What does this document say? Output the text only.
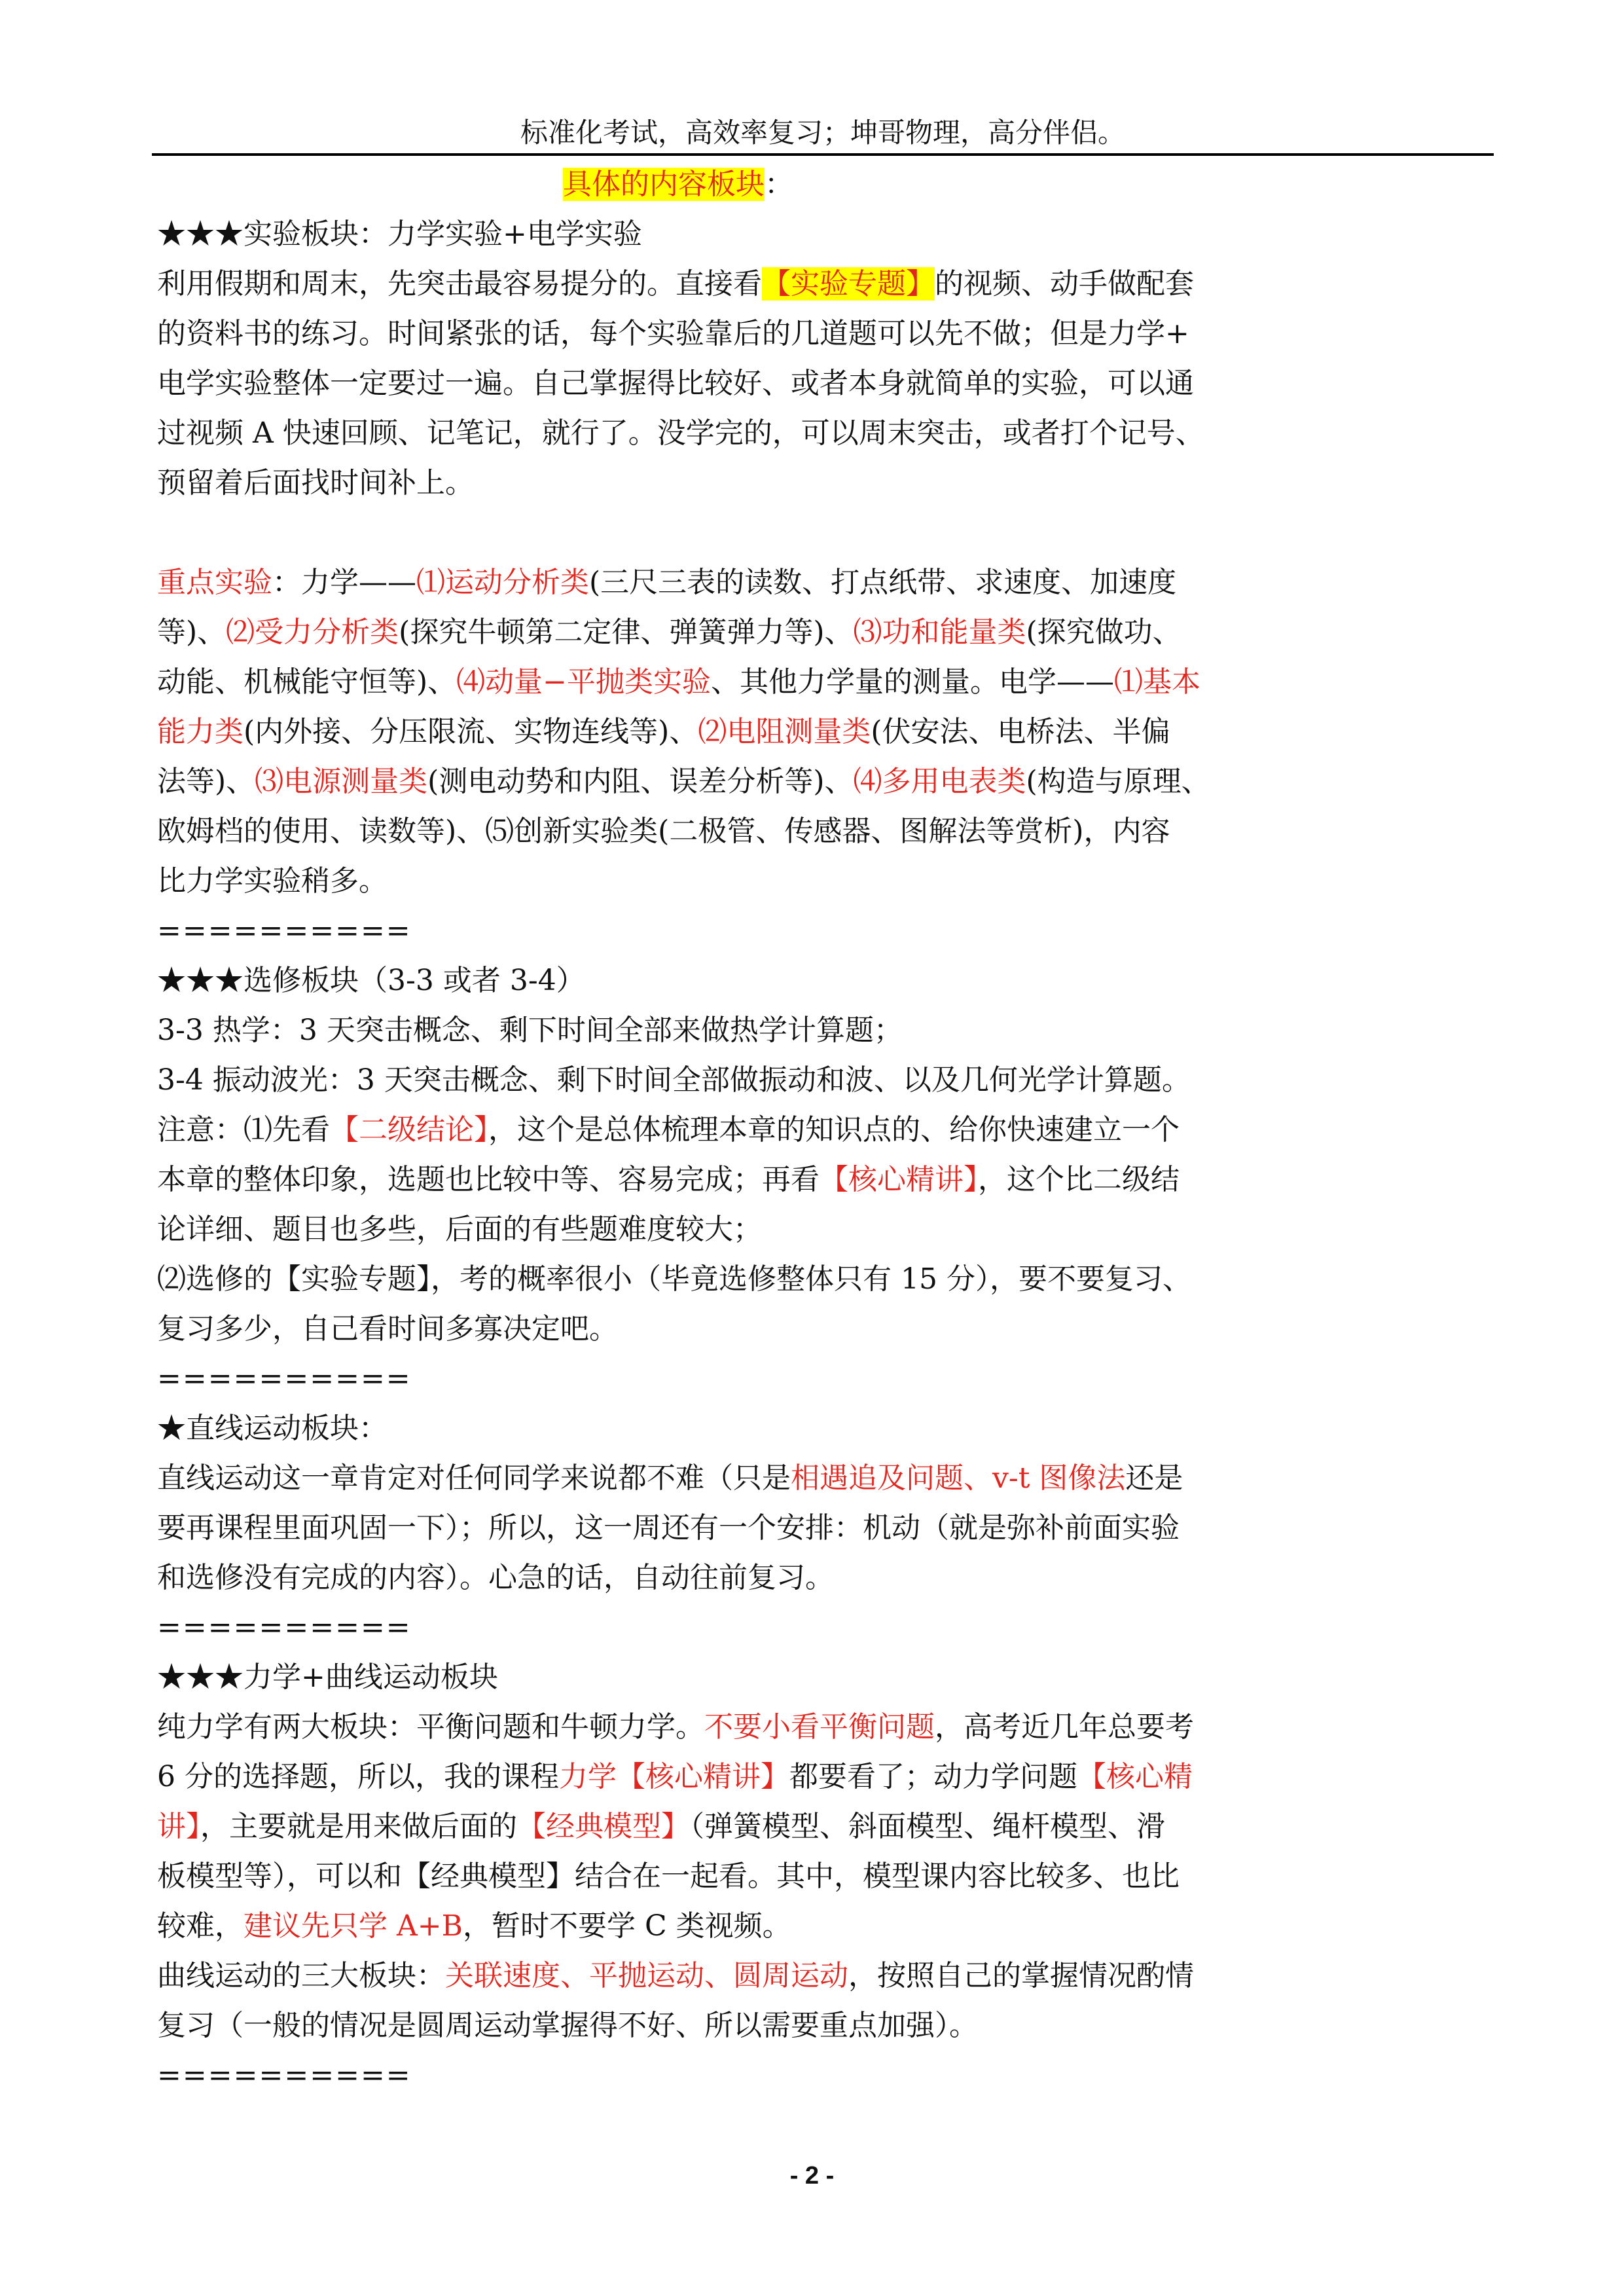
标准化考试，高效率复习；坤哥物理，高分伴侣。
具体的内容板块：
★★★实验板块：力学实验+电学实验
利用假期和周末，先突击最容易提分的。直接看【实验专题】的视频、动手做配套
的资料书的练习。时间紧张的话，每个实验靠后的几道题可以先不做；但是力学+
电学实验整体一定要过一遍。自己掌握得比较好、或者本身就简单的实验，可以通
过视频 A 快速回顾、记笔记，就行了。没学完的，可以周末突击，或者打个记号、
预留着后面找时间补上。
重点实验：力学——⑴运动分析类(三尺三表的读数、打点纸带、求速度、加速度
等)、⑵受力分析类(探究牛顿第二定律、弹簧弹力等)、⑶功和能量类(探究做功、
动能、机械能守恒等)、⑷动量−平抛类实验、其他力学量的测量。电学——⑴基本
能力类(内外接、分压限流、实物连线等)、⑵电阻测量类(伏安法、电桥法、半偏
法等)、⑶电源测量类(测电动势和内阻、误差分析等)、⑷多用电表类(构造与原理、
欧姆档的使用、读数等)、⑸创新实验类(二极管、传感器、图解法等赏析)，内容
比力学实验稍多。
==========
★★★选修板块（3-3 或者 3-4）
3-3 热学：3 天突击概念、剩下时间全部来做热学计算题；
3-4 振动波光：3 天突击概念、剩下时间全部做振动和波、以及几何光学计算题。
注意：⑴先看【二级结论】，这个是总体梳理本章的知识点的、给你快速建立一个
本章的整体印象，选题也比较中等、容易完成；再看【核心精讲】，这个比二级结
论详细、题目也多些，后面的有些题难度较大；
⑵选修的【实验专题】，考的概率很小（毕竟选修整体只有 15 分），要不要复习、
复习多少，自己看时间多寡决定吧。
==========
★直线运动板块：
直线运动这一章肯定对任何同学来说都不难（只是相遇追及问题、v-t 图像法还是
要再课程里面巩固一下）；所以，这一周还有一个安排：机动（就是弥补前面实验
和选修没有完成的内容）。心急的话，自动往前复习。
==========
★★★力学+曲线运动板块
纯力学有两大板块：平衡问题和牛顿力学。不要小看平衡问题，高考近几年总要考
6 分的选择题，所以，我的课程力学【核心精讲】都要看了；动力学问题【核心精
讲】，主要就是用来做后面的【经典模型】（弹簧模型、斜面模型、绳杆模型、滑
板模型等），可以和【经典模型】结合在一起看。其中，模型课内容比较多、也比
较难，建议先只学 A+B，暂时不要学 C 类视频。
曲线运动的三大板块：关联速度、平抛运动、圆周运动，按照自己的掌握情况酌情
复习（一般的情况是圆周运动掌握得不好、所以需要重点加强）。
==========
- 2 -
